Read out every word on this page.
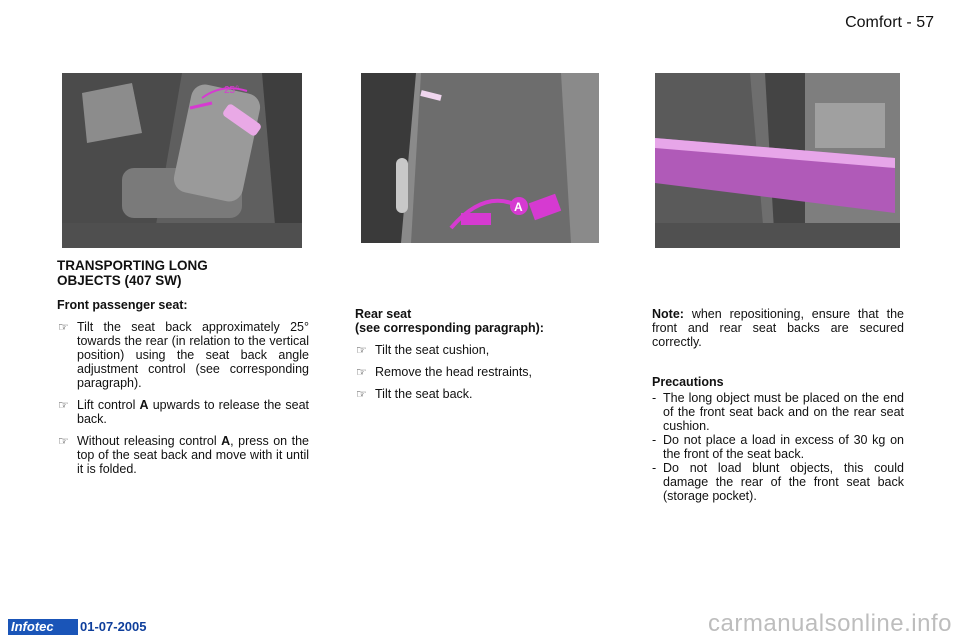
Comfort - 57
25°
A
TRANSPORTING LONG
OBJECTS (407 SW)
Front passenger seat:
☞ Tilt the seat back approximately 25° towards the rear (in relation to the vertical position) using the seat back angle adjustment control (see corresponding paragraph).
☞ Lift control A upwards to release the seat back.
☞ Without releasing control A, press on the top of the seat back and move with it until it is folded.
Rear seat
(see corresponding paragraph):
☞ Tilt the seat cushion,
☞ Remove the head restraints,
☞ Tilt the seat back.
Note: when repositioning, ensure that the front and rear seat backs are secured correctly.
Precautions
- The long object must be placed on the end of the front seat back and on the rear seat cushion.
- Do not place a load in excess of 30 kg on the front of the seat back.
- Do not load blunt objects, this could damage the rear of the front seat back (storage pocket).
Infotec	01-07-2005	carmanualsonline.info
